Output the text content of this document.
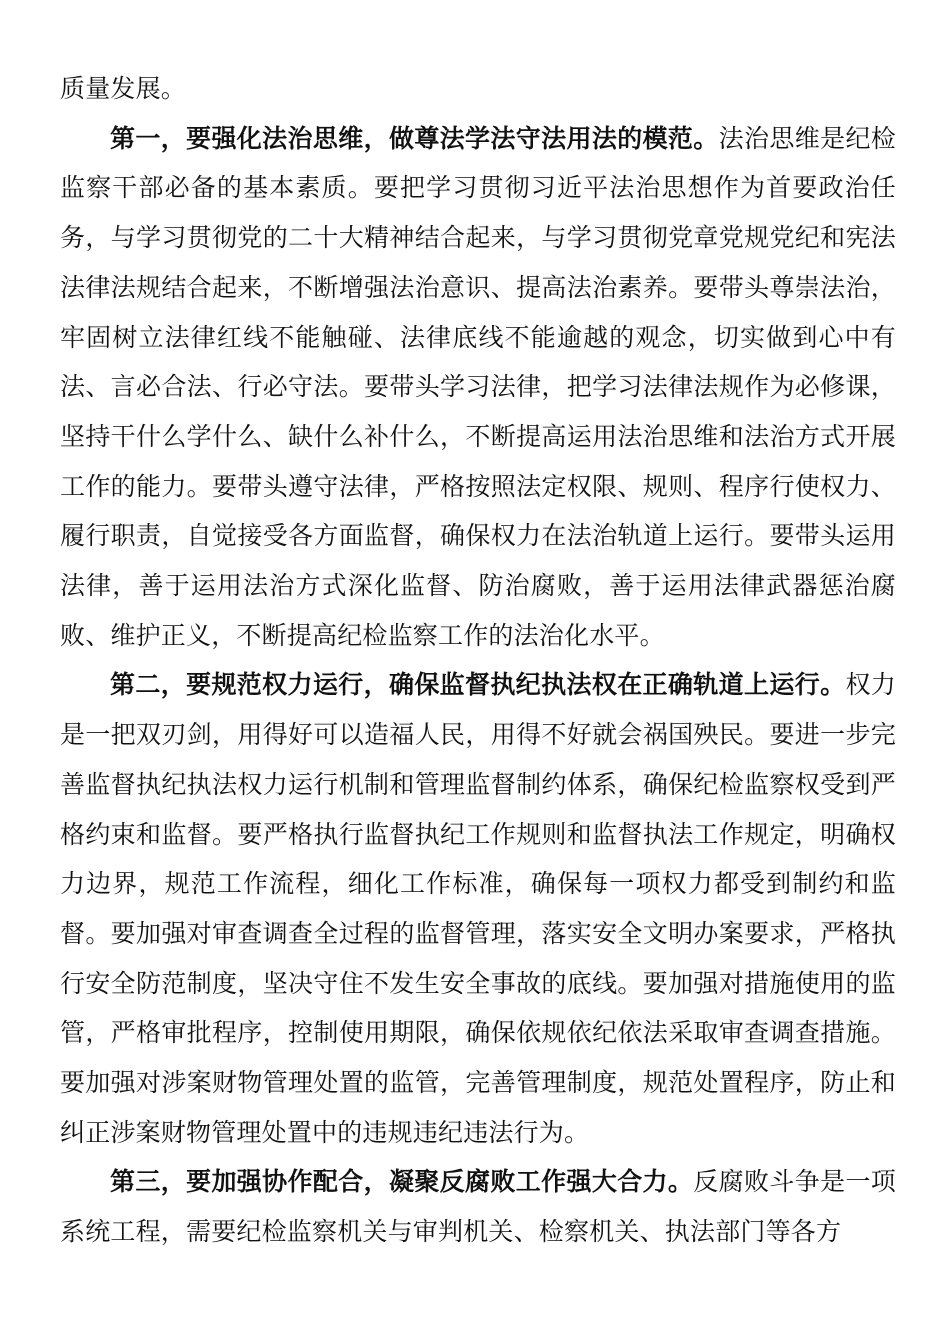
质量发展。

第一，要强化法治思维，做尊法学法守法用法的模范。法治思维是纪检监察干部必备的基本素质。要把学习贯彻习近平法治思想作为首要政治任务，与学习贯彻党的二十大精神结合起来，与学习贯彻党章党规党纪和宪法法律法规结合起来，不断增强法治意识、提高法治素养。要带头尊崇法治，牢固树立法律红线不能触碰、法律底线不能逾越的观念，切实做到心中有法、言必合法、行必守法。要带头学习法律，把学习法律法规作为必修课，坚持干什么学什么、缺什么补什么，不断提高运用法治思维和法治方式开展工作的能力。要带头遵守法律，严格按照法定权限、规则、程序行使权力、履行职责，自觉接受各方面监督，确保权力在法治轨道上运行。要带头运用法律，善于运用法治方式深化监督、防治腐败，善于运用法律武器惩治腐败、维护正义，不断提高纪检监察工作的法治化水平。

第二，要规范权力运行，确保监督执纪执法权在正确轨道上运行。权力是一把双刃剑，用得好可以造福人民，用得不好就会祸国殃民。要进一步完善监督执纪执法权力运行机制和管理监督制约体系，确保纪检监察权受到严格约束和监督。要严格执行监督执纪工作规则和监督执法工作规定，明确权力边界，规范工作流程，细化工作标准，确保每一项权力都受到制约和监督。要加强对审查调查全过程的监督管理，落实安全文明办案要求，严格执行安全防范制度，坚决守住不发生安全事故的底线。要加强对措施使用的监管，严格审批程序，控制使用期限，确保依规依纪依法采取审查调查措施。要加强对涉案财物管理处置的监管，完善管理制度，规范处置程序，防止和纠正涉案财物管理处置中的违规违纪违法行为。

第三，要加强协作配合，凝聚反腐败工作强大合力。反腐败斗争是一项系统工程，需要纪检监察机关与审判机关、检察机关、执法部门等各方
